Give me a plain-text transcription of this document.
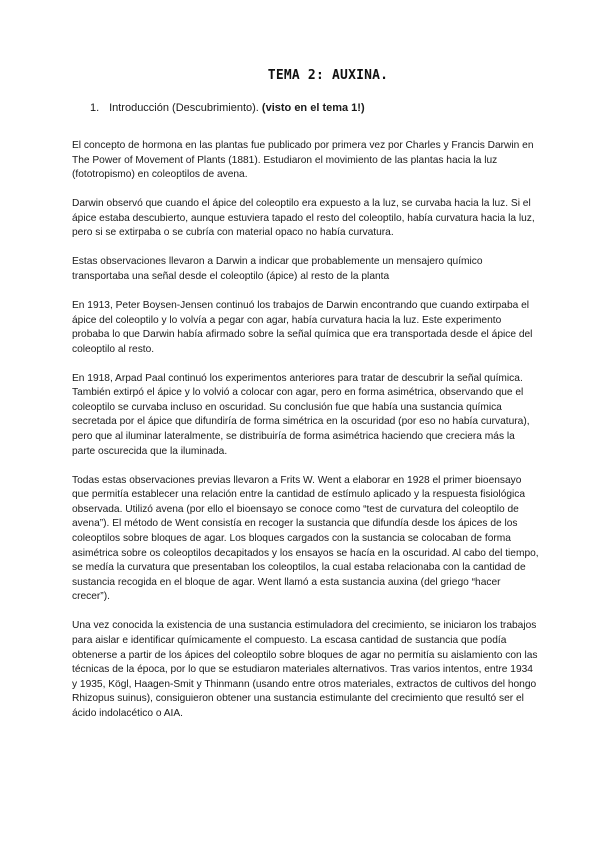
TEMA 2: AUXINA.
1. Introducción (Descubrimiento). (visto en el tema 1!)

El concepto de hormona en las plantas fue publicado por primera vez por Charles y Francis Darwin en The Power of Movement of Plants (1881). Estudiaron el movimiento de las plantas hacia la luz (fototropismo) en coleoptilos de avena.

Darwin observó que cuando el ápice del coleoptilo era expuesto a la luz, se curvaba hacia la luz. Si el ápice estaba descubierto, aunque estuviera tapado el resto del coleoptilo, había curvatura hacia la luz, pero si se extirpaba o se cubría con material opaco no había curvatura.

Estas observaciones llevaron a Darwin a indicar que probablemente un mensajero químico transportaba una señal desde el coleoptilo (ápice) al resto de la planta

En 1913, Peter Boysen-Jensen continuó los trabajos de Darwin encontrando que cuando extirpaba el ápice del coleoptilo y lo volvía a pegar con agar, había curvatura hacia la luz. Este experimento probaba lo que Darwin había afirmado sobre la señal química que era transportada desde el ápice del coleoptilo al resto.

En 1918, Arpad Paal continuó los experimentos anteriores para tratar de descubrir la señal química. También extirpó el ápice y lo volvió a colocar con agar, pero en forma asimétrica, observando que el coleoptilo se curvaba incluso en oscuridad. Su conclusión fue que había una sustancia química secretada por el ápice que difundiría de forma simétrica en la oscuridad (por eso no había curvatura), pero que al iluminar lateralmente, se distribuiría de forma asimétrica haciendo que creciera más la parte oscurecida que la iluminada.

Todas estas observaciones previas llevaron a Frits W. Went a elaborar en 1928 el primer bioensayo que permitía establecer una relación entre la cantidad de estímulo aplicado y la respuesta fisiológica observada. Utilizó avena (por ello el bioensayo se conoce como “test de curvatura del coleoptilo de avena”). El método de Went consistía en recoger la sustancia que difundía desde los ápices de los coleoptilos sobre bloques de agar. Los bloques cargados con la sustancia se colocaban de forma asimétrica sobre os coleoptilos decapitados y los ensayos se hacía en la oscuridad. Al cabo del tiempo, se medía la curvatura que presentaban los coleoptilos, la cual estaba relacionaba con la cantidad de sustancia recogida en el bloque de agar. Went llamó a esta sustancia auxina (del griego “hacer crecer”).

Una vez conocida la existencia de una sustancia estimuladora del crecimiento, se iniciaron los trabajos para aislar e identificar químicamente el compuesto. La escasa cantidad de sustancia que podía obtenerse a partir de los ápices del coleoptilo sobre bloques de agar no permitía su aislamiento con las técnicas de la época, por lo que se estudiaron materiales alternativos. Tras varios intentos, entre 1934 y 1935, Kögl, Haagen-Smit y Thinmann (usando entre otros materiales, extractos de cultivos del hongo Rhizopus suinus), consiguieron obtener una sustancia estimulante del crecimiento que resultó ser el ácido indolacético o AIA.
